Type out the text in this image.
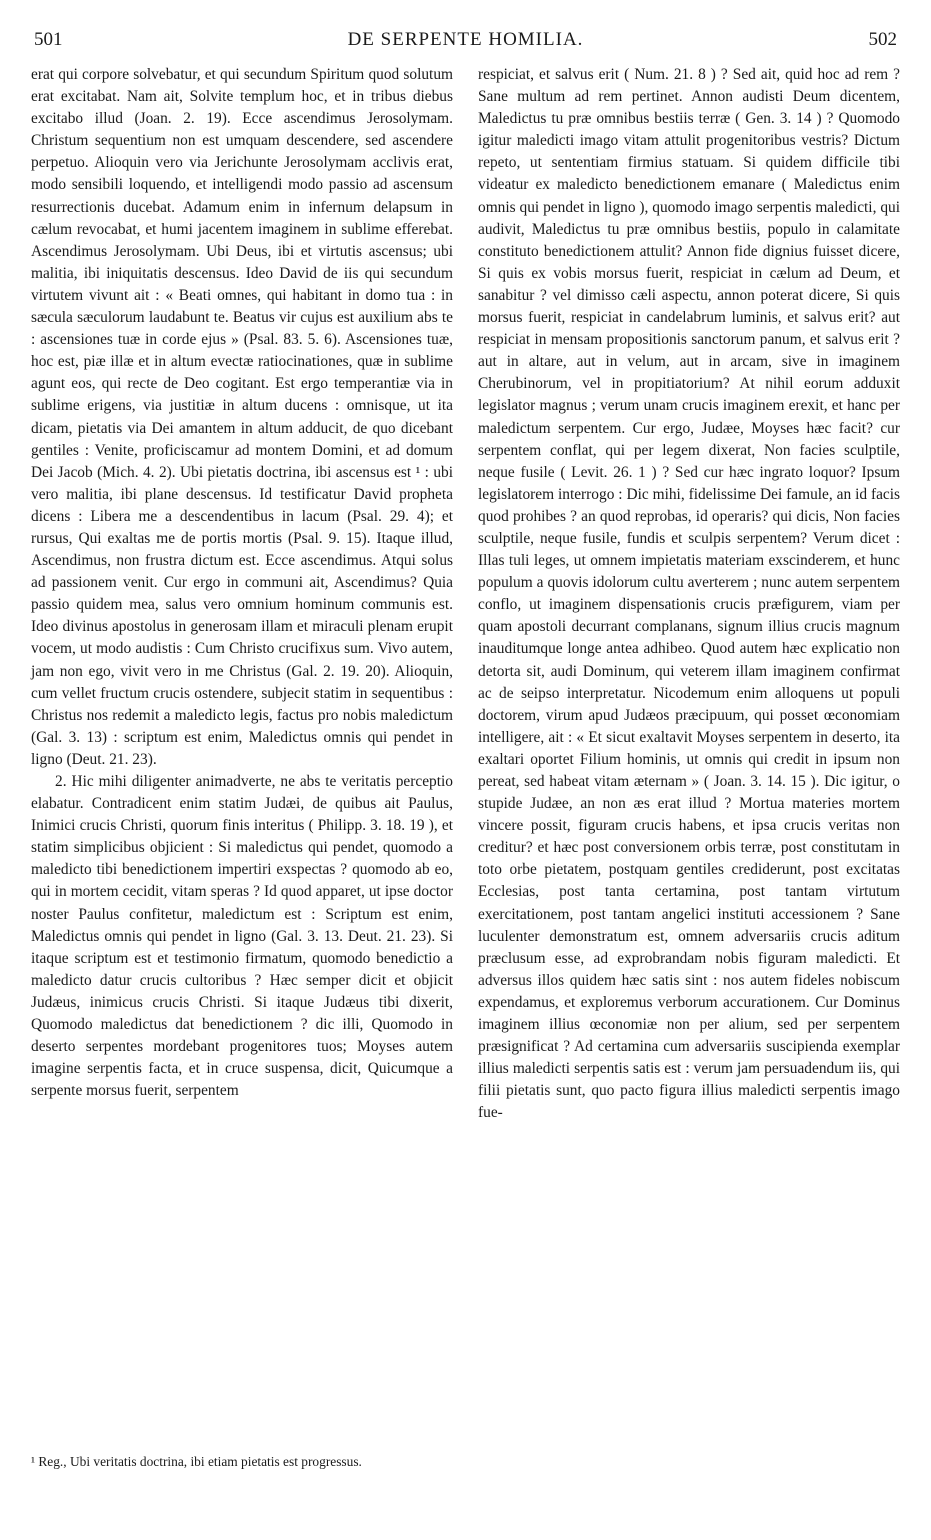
501	DE SERPENTE HOMILIA.	502

erat qui corpore solvebatur, et qui secundum Spiritum quod solutum erat excitabat. Nam ait, Solvite templum hoc, et in tribus diebus excitabo illud (Joan. 2. 19). Ecce ascendimus Jerosolymam. Christum sequentium non est umquam descendere, sed ascendere perpetuo. Alioquin vero via Jerichunte Jerosolymam acclivis erat, modo sensibili loquendo, et intelligendi modo passio ad ascensum resurrectionis ducebat. Adamum enim in infernum delapsum in cælum revocabat, et humi jacentem imaginem in sublime efferebat. Ascendimus Jerosolymam. Ubi Deus, ibi et virtutis ascensus; ubi malitia, ibi iniquitatis descensus. Ideo David de iis qui secundum virtutem vivunt ait : « Beati omnes, qui habitant in domo tua : in sæcula sæculorum laudabunt te. Beatus vir cujus est auxilium abs te : ascensiones tuæ in corde ejus » (Psal. 83. 5. 6). Ascensiones tuæ, hoc est, piæ illæ et in altum evectæ ratiocinationes, quæ in sublime agunt eos, qui recte de Deo cogitant. Est ergo temperantiæ via in sublime erigens, via justitiæ in altum ducens : omnisque, ut ita dicam, pietatis via Dei amantem in altum adducit, de quo dicebant gentiles : Venite, proficiscamur ad montem Domini, et ad domum Dei Jacob (Mich. 4. 2). Ubi pietatis doctrina, ibi ascensus est ¹ : ubi vero malitia, ibi plane descensus. Id testificatur David propheta dicens : Libera me a descendentibus in lacum (Psal. 29. 4); et rursus, Qui exaltas me de portis mortis (Psal. 9. 15). Itaque illud, Ascendimus, non frustra dictum est. Ecce ascendimus. Atqui solus ad passionem venit. Cur ergo in communi ait, Ascendimus? Quia passio quidem mea, salus vero omnium hominum communis est. Ideo divinus apostolus in generosam illam et miraculi plenam erupit vocem, ut modo audistis : Cum Christo crucifixus sum. Vivo autem, jam non ego, vivit vero in me Christus (Gal. 2. 19. 20). Alioquin, cum vellet fructum crucis ostendere, subjecit statim in sequentibus : Christus nos redemit a maledicto legis, factus pro nobis maledictum (Gal. 3. 13) : scriptum est enim, Maledictus omnis qui pendet in ligno (Deut. 21. 23).

2. Hic mihi diligenter animadverte, ne abs te veritatis perceptio elabatur. Contradicent enim statim Judæi, de quibus ait Paulus, Inimici crucis Christi, quorum finis interitus ( Philipp. 3. 18. 19 ), et statim simplicibus objicient : Si maledictus qui pendet, quomodo a maledicto tibi benedictionem impertiri exspectas ? quomodo ab eo, qui in mortem cecidit, vitam speras ? Id quod apparet, ut ipse doctor noster Paulus confitetur, maledictum est : Scriptum est enim, Maledictus omnis qui pendet in ligno (Gal. 3. 13. Deut. 21. 23). Si itaque scriptum est et testimonio firmatum, quomodo benedictio a maledicto datur crucis cultoribus ? Hæc semper dicit et objicit Judæus, inimicus crucis Christi. Si itaque Judæus tibi dixerit, Quomodo maledictus dat benedictionem ? dic illi, Quomodo in deserto serpentes mordebant progenitores tuos; Moyses autem imagine serpentis facta, et in cruce suspensa, dicit, Quicumque a serpente morsus fuerit, serpentem

respiciat, et salvus erit ( Num. 21. 8 ) ? Sed ait, quid hoc ad rem ? Sane multum ad rem pertinet. Annon audisti Deum dicentem, Maledictus tu præ omnibus bestiis terræ ( Gen. 3. 14 ) ? Quomodo igitur maledicti imago vitam attulit progenitoribus vestris? Dictum repeto, ut sententiam firmius statuam. Si quidem difficile tibi videatur ex maledicto benedictionem emanare ( Maledictus enim omnis qui pendet in ligno ), quomodo imago serpentis maledicti, qui audivit, Maledictus tu præ omnibus bestiis, populo in calamitate constituto benedictionem attulit? Annon fide dignius fuisset dicere, Si quis ex vobis morsus fuerit, respiciat in cælum ad Deum, et sanabitur ? vel dimisso cæli aspectu, annon poterat dicere, Si quis morsus fuerit, respiciat in candelabrum luminis, et salvus erit? aut respiciat in mensam propositionis sanctorum panum, et salvus erit ? aut in altare, aut in velum, aut in arcam, sive in imaginem Cherubinorum, vel in propitiatorium? At nihil eorum adduxit legislator magnus ; verum unam crucis imaginem erexit, et hanc per maledictum serpentem. Cur ergo, Judæe, Moyses hæc facit? cur serpentem conflat, qui per legem dixerat, Non facies sculptile, neque fusile ( Levit. 26. 1 ) ? Sed cur hæc ingrato loquor? Ipsum legislatorem interrogo : Dic mihi, fidelissime Dei famule, an id facis quod prohibes ? an quod reprobas, id operaris? qui dicis, Non facies sculptile, neque fusile, fundis et sculpis serpentem? Verum dicet : Illas tuli leges, ut omnem impietatis materiam exscinderem, et hunc populum a quovis idolorum cultu averterem ; nunc autem serpentem conflo, ut imaginem dispensationis crucis præfigurem, viam per quam apostoli decurrant complanans, signum illius crucis magnum inauditumque longe antea adhibeo. Quod autem hæc explicatio non detorta sit, audi Dominum, qui veterem illam imaginem confirmat ac de seipso interpretatur. Nicodemum enim alloquens ut populi doctorem, virum apud Judæos præcipuum, qui posset œconomiam intelligere, ait : « Et sicut exaltavit Moyses serpentem in deserto, ita exaltari oportet Filium hominis, ut omnis qui credit in ipsum non pereat, sed habeat vitam æternam » ( Joan. 3. 14. 15 ). Dic igitur, o stupide Judæe, an non æs erat illud ? Mortua materies mortem vincere possit, figuram crucis habens, et ipsa crucis veritas non creditur? et hæc post conversionem orbis terræ, post constitutam in toto orbe pietatem, postquam gentiles crediderunt, post excitatas Ecclesias, post tanta certamina, post tantam virtutum exercitationem, post tantam angelici instituti accessionem ? Sane luculenter demonstratum est, omnem adversariis crucis aditum præclusum esse, ad exprobrandam nobis figuram maledicti. Et adversus illos quidem hæc satis sint : nos autem fideles nobiscum expendamus, et exploremus verborum accurationem. Cur Dominus imaginem illius œconomiæ non per alium, sed per serpentem præsignificat ? Ad certamina cum adversariis suscipienda exemplar illius maledicti serpentis satis est : verum jam persuadendum iis, qui filii pietatis sunt, quo pacto figura illius maledicti serpentis imago fue-

¹ Reg., Ubi veritatis doctrina, ibi etiam pietatis est progressus.
